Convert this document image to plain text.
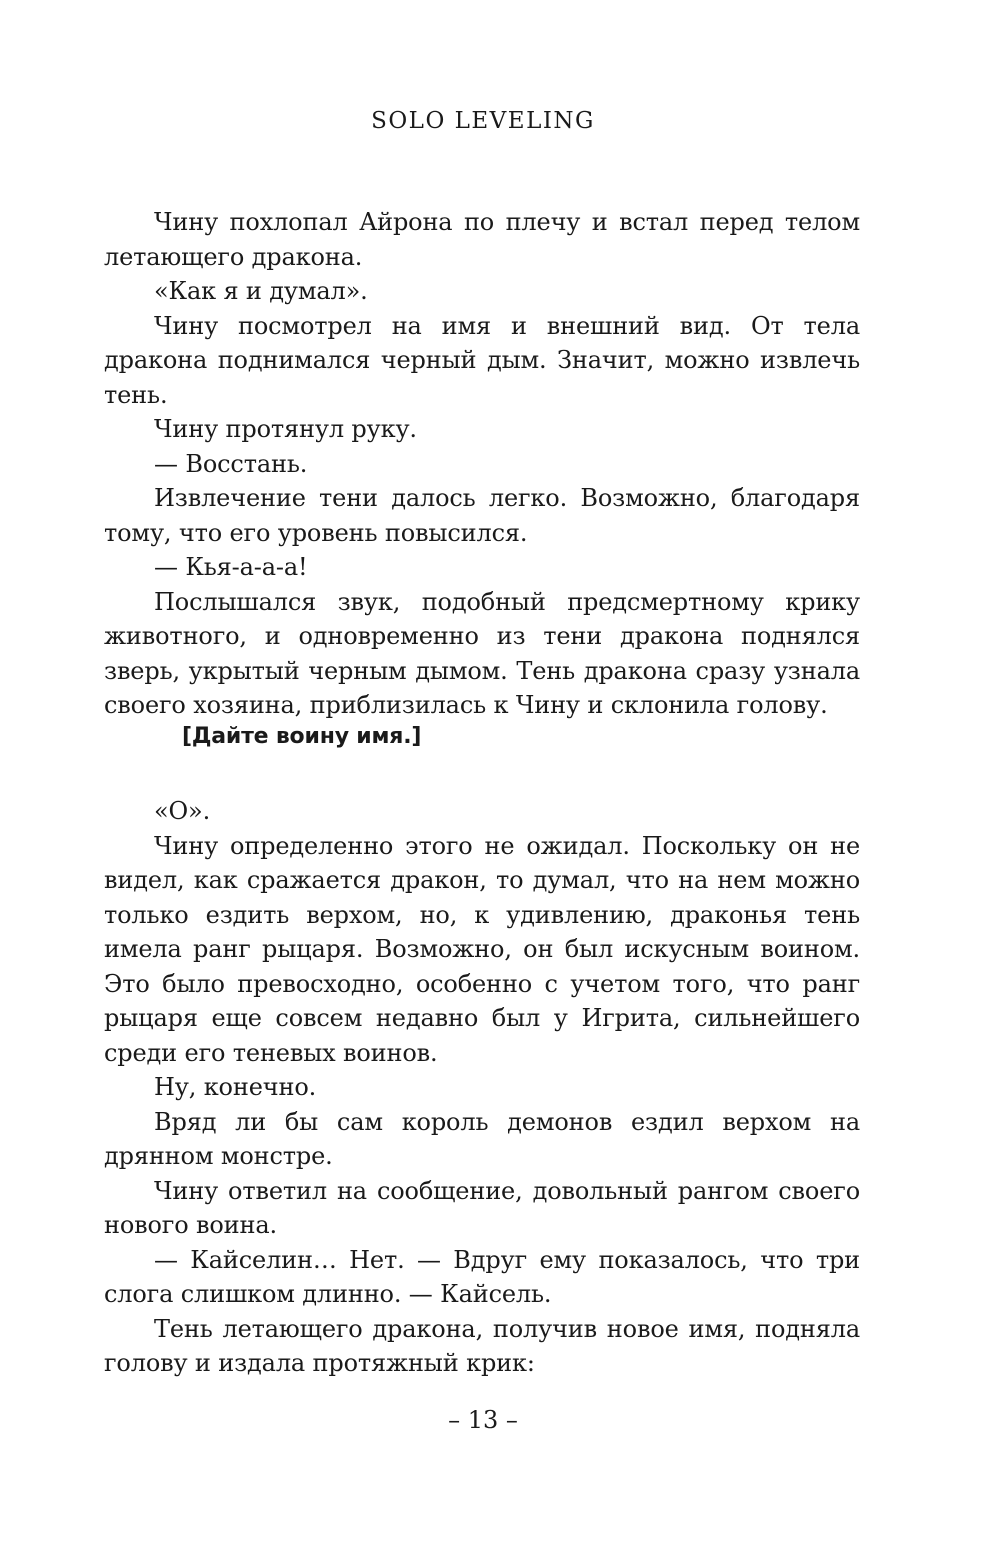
SOLO LEVELING

Чину похлопал Айрона по плечу и встал перед телом летающего дракона.

«Как я и думал».

Чину посмотрел на имя и внешний вид. От тела дракона поднимался черный дым. Значит, можно извлечь тень.

Чину протянул руку.

— Восстань.

Извлечение тени далось легко. Возможно, благодаря тому, что его уровень повысился.

— Кья-а-а-а!

Послышался звук, подобный предсмертному крику животного, и одновременно из тени дракона поднялся зверь, укрытый черным дымом. Тень дракона сразу узнала своего хозяина, приблизилась к Чину и склонила голову.

[Дайте воину имя.]

«О».

Чину определенно этого не ожидал. Поскольку он не видел, как сражается дракон, то думал, что на нем можно только ездить верхом, но, к удивлению, драконья тень имела ранг рыцаря. Возможно, он был искусным воином. Это было превосходно, особенно с учетом того, что ранг рыцаря еще совсем недавно был у Игрита, сильнейшего среди его теневых воинов.

Ну, конечно.

Вряд ли бы сам король демонов ездил верхом на дрянном монстре.

Чину ответил на сообщение, довольный рангом своего нового воина.

— Кайселин… Нет. — Вдруг ему показалось, что три слога слишком длинно. — Кайсель.

Тень летающего дракона, получив новое имя, подняла голову и издала протяжный крик:

– 13 –
